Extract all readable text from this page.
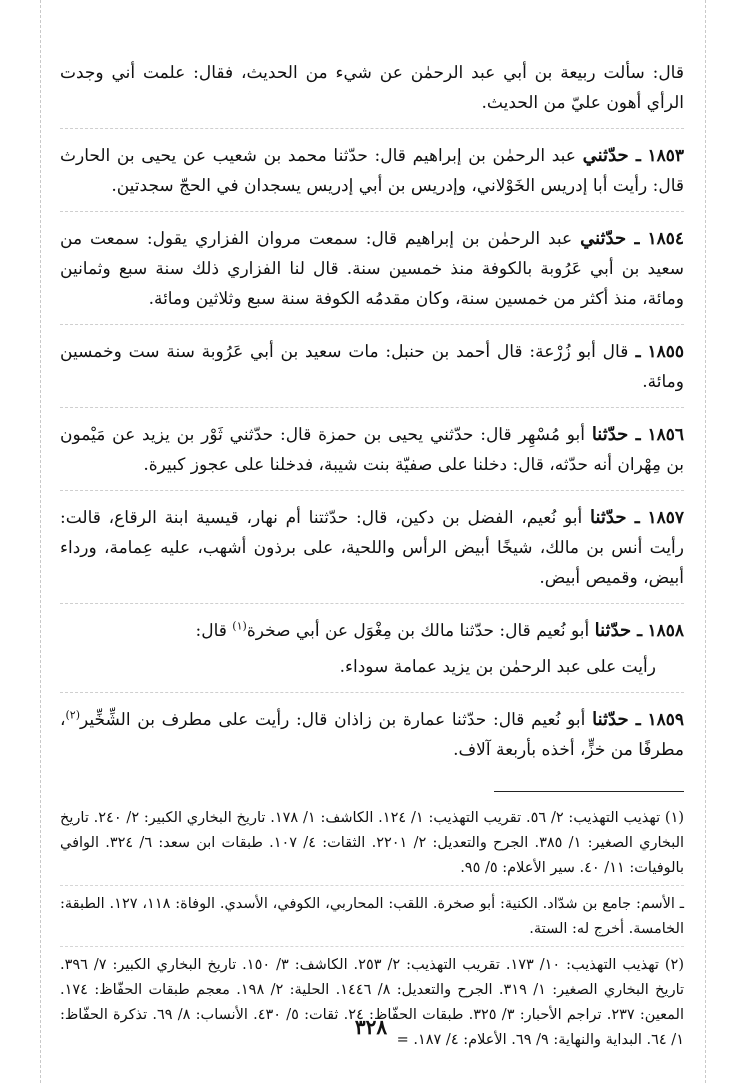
قال: سألت ربيعة بن أبي عبد الرحمٰن عن شيء من الحديث، فقال: علمت أني وجدت الرأي أهون عليّ من الحديث.
١٨٥٣ ـ حدّثني عبد الرحمٰن بن إبراهيم قال: حدّثنا محمد بن شعيب عن يحيى بن الحارث قال: رأيت أبا إدريس الخَوْلاني، وإدريس بن أبي إدريس يسجدان في الحجّ سجدتين.
١٨٥٤ ـ حدّثني عبد الرحمٰن بن إبراهيم قال: سمعت مروان الفزاري يقول: سمعت من سعيد بن أبي عَرُوبة بالكوفة منذ خمسين سنة. قال لنا الفزاري ذلك سنة سبع وثمانين ومائة، منذ أكثر من خمسين سنة، وكان مقدمُه الكوفة سنة سبع وثلاثين ومائة.
١٨٥٥ ـ قال أبو زُرْعة: قال أحمد بن حنبل: مات سعيد بن أبي عَرُوبة سنة ست وخمسين ومائة.
١٨٥٦ ـ حدّثنا أبو مُسْهِر قال: حدّثني يحيى بن حمزة قال: حدّثني ثَوْر بن يزيد عن مَيْمون بن مِهْران أنه حدّثه، قال: دخلنا على صفيّة بنت شيبة، فدخلنا على عجوز كبيرة.
١٨٥٧ ـ حدّثنا أبو نُعيم، الفضل بن دكين، قال: حدّثتنا أم نهار، قيسية ابنة الرقاع، قالت: رأيت أنس بن مالك، شيخًا أبيض الرأس واللحية، على برذون أشهب، عليه عِمامة، ورداء أبيض، وقميص أبيض.
١٨٥٨ ـ حدّثنا أبو نُعيم قال: حدّثنا مالك بن مِغْوَل عن أبي صخرة$^{(١)}$ قال:
رأيت على عبد الرحمٰن بن يزيد عمامة سوداء.
١٨٥٩ ـ حدّثنا أبو نُعيم قال: حدّثنا عمارة بن زاذان قال: رأيت على مطرف بن الشِّخِّير$^{(٢)}$، مطرفًا من خزٍّ، أخذه بأربعة آلاف.
(١) تهذيب التهذيب: ٢/ ٥٦. تقريب التهذيب: ١/ ١٢٤. الكاشف: ١/ ١٧٨. تاريخ البخاري الكبير: ٢/ ٢٤٠. تاريخ البخاري الصغير: ١/ ٣٨٥. الجرح والتعديل: ٢/ ٢٢٠١. الثقات: ٤/ ١٠٧. طبقات ابن سعد: ٦/ ٣٢٤. الوافي بالوفيات: ١١/ ٤٠. سير الأعلام: ٥/ ٩٥.
ـ الأسم: جامع بن شدّاد. الكنية: أبو صخرة. اللقب: المحاربي، الكوفي، الأسدي. الوفاة: ١١٨، ١٢٧. الطبقة: الخامسة. أخرج له: الستة.
(٢) تهذيب التهذيب: ١٠/ ١٧٣. تقريب التهذيب: ٢/ ٢٥٣. الكاشف: ٣/ ١٥٠. تاريخ البخاري الكبير: ٧/ ٣٩٦. تاريخ البخاري الصغير: ١/ ٣١٩. الجرح والتعديل: ٨/ ١٤٤٦. الحلية: ٢/ ١٩٨. معجم طبقات الحفّاظ: ١٧٤. المعين: ٢٣٧. تراجم الأحبار: ٣/ ٣٢٥. طبقات الحفّاظ: ٢٤. ثقات: ٥/ ٤٣٠. الأنساب: ٨/ ٦٩. تذكرة الحفّاظ: ١/ ٦٤. البداية والنهاية: ٩/ ٦٩. الأعلام: ٤/ ١٨٧. =
٣٢٨
